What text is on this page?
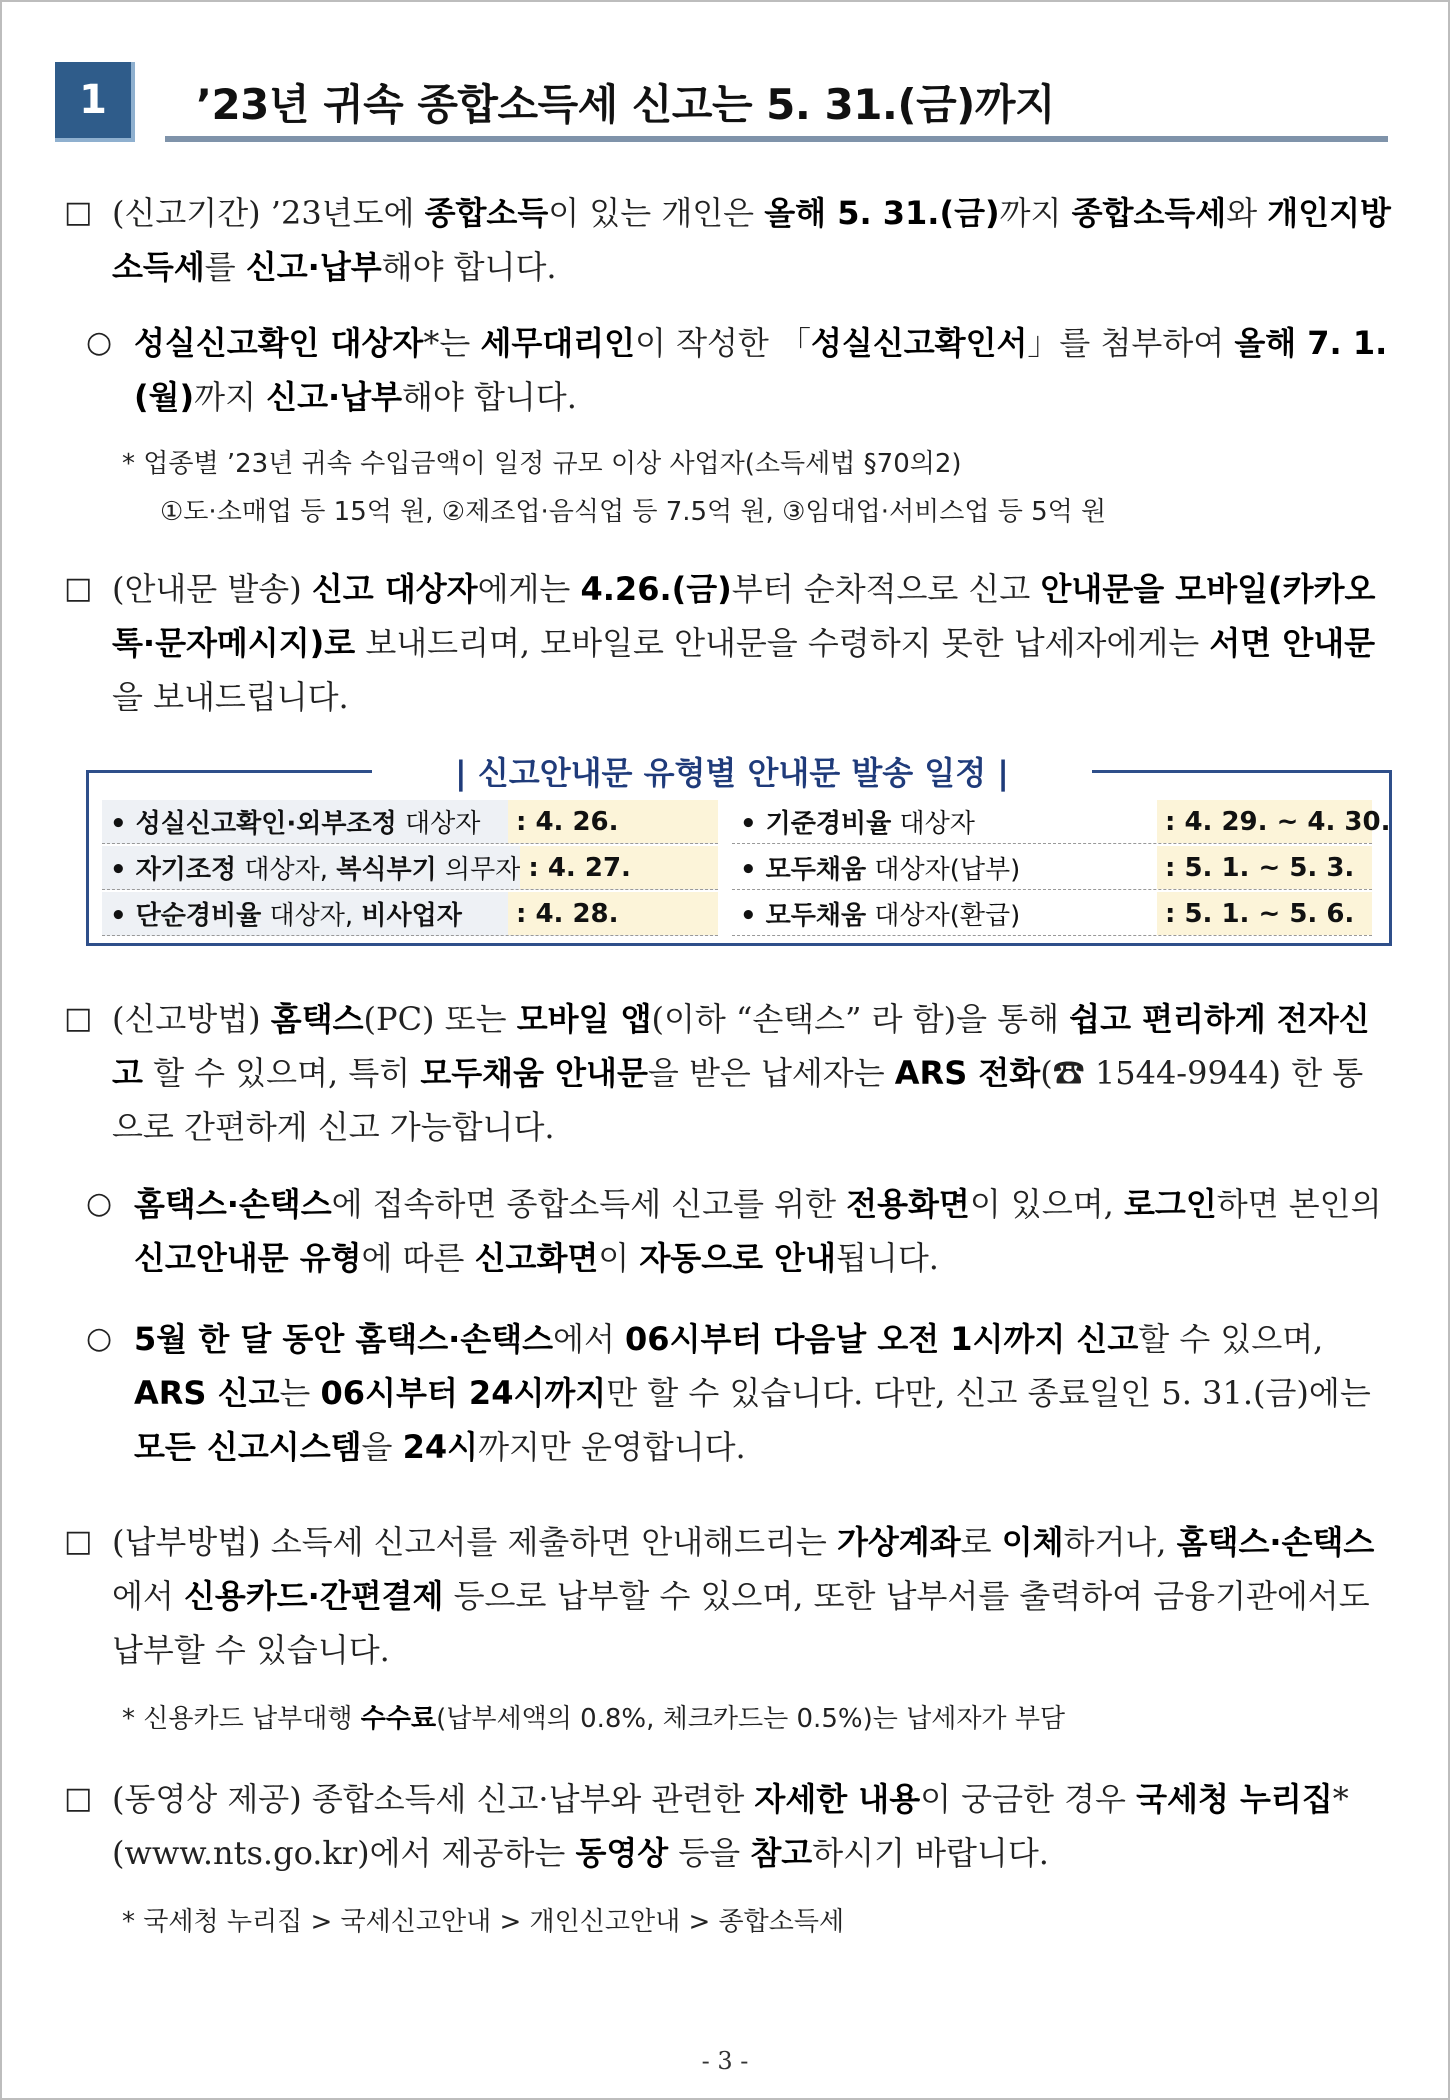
1	’23년 귀속 종합소득세 신고는 5. 31.(금)까지
□ (신고기간) ’23년도에 종합소득이 있는 개인은 올해 5. 31.(금)까지 종합소득세와 개인지방소득세를 신고·납부해야 합니다.
○ 성실신고확인 대상자*는 세무대리인이 작성한 「성실신고확인서」를 첨부하여 올해 7. 1.(월)까지 신고·납부해야 합니다.
* 업종별 ’23년 귀속 수입금액이 일정 규모 이상 사업자(소득세법 §70의2)
①도·소매업 등 15억 원, ②제조업·음식업 등 7.5억 원, ③임대업·서비스업 등 5억 원
□ (안내문 발송) 신고 대상자에게는 4.26.(금)부터 순차적으로 신고 안내문을 모바일(카카오톡·문자메시지)로 보내드리며, 모바일로 안내문을 수령하지 못한 납세자에게는 서면 안내문을 보내드립니다.
| 신고안내문 유형별 안내문 발송 일정 |
• 성실신고확인·외부조정 대상자	: 4. 26.
• 자기조정 대상자, 복식부기 의무자 : 4. 27.
• 단순경비율 대상자, 비사업자	: 4. 28.
• 기준경비율 대상자	: 4. 29. ~ 4. 30.
• 모두채움 대상자(납부)	: 5. 1. ~ 5. 3.
• 모두채움 대상자(환급)	: 5. 1. ~ 5. 6.
□ (신고방법) 홈택스(PC) 또는 모바일 앱(이하 “손택스” 라 함)을 통해 쉽고 편리하게 전자신고 할 수 있으며, 특히 모두채움 안내문을 받은 납세자는 ARS 전화(☎ 1544-9944) 한 통으로 간편하게 신고 가능합니다.
○ 홈택스·손택스에 접속하면 종합소득세 신고를 위한 전용화면이 있으며, 로그인하면 본인의 신고안내문 유형에 따른 신고화면이 자동으로 안내됩니다.
○ 5월 한 달 동안 홈택스·손택스에서 06시부터 다음날 오전 1시까지 신고할 수 있으며, ARS 신고는 06시부터 24시까지만 할 수 있습니다. 다만, 신고 종료일인 5. 31.(금)에는 모든 신고시스템을 24시까지만 운영합니다.
□ (납부방법) 소득세 신고서를 제출하면 안내해드리는 가상계좌로 이체하거나, 홈택스·손택스에서 신용카드·간편결제 등으로 납부할 수 있으며, 또한 납부서를 출력하여 금융기관에서도 납부할 수 있습니다.
* 신용카드 납부대행 수수료(납부세액의 0.8%, 체크카드는 0.5%)는 납세자가 부담
□ (동영상 제공) 종합소득세 신고·납부와 관련한 자세한 내용이 궁금한 경우 국세청 누리집*(www.nts.go.kr)에서 제공하는 동영상 등을 참고하시기 바랍니다.
* 국세청 누리집 > 국세신고안내 > 개인신고안내 > 종합소득세
- 3 -
